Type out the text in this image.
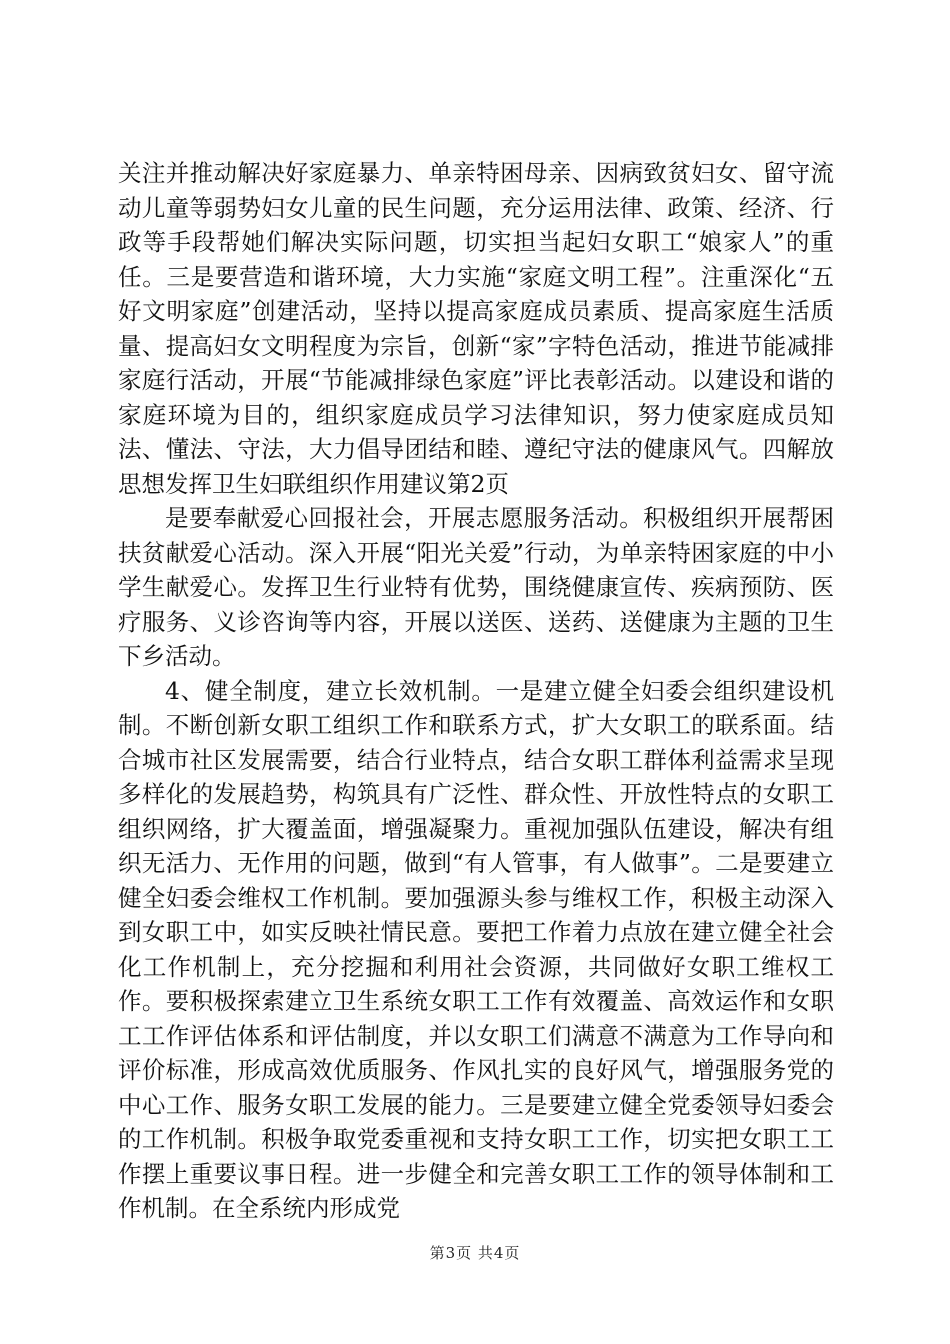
关注并推动解决好家庭暴力、单亲特困母亲、因病致贫妇女、留守流动儿童等弱势妇女儿童的民生问题，充分运用法律、政策、经济、行政等手段帮她们解决实际问题，切实担当起妇女职工“娘家人”的重任。三是要营造和谐环境，大力实施“家庭文明工程”。注重深化“五好文明家庭”创建活动，坚持以提高家庭成员素质、提高家庭生活质量、提高妇女文明程度为宗旨，创新“家”字特色活动，推进节能减排家庭行活动，开展“节能减排绿色家庭”评比表彰活动。以建设和谐的家庭环境为目的，组织家庭成员学习法律知识，努力使家庭成员知法、懂法、守法，大力倡导团结和睦、遵纪守法的健康风气。四解放思想发挥卫生妇联组织作用建议第2页

是要奉献爱心回报社会，开展志愿服务活动。积极组织开展帮困扶贫献爱心活动。深入开展“阳光关爱”行动，为单亲特困家庭的中小学生献爱心。发挥卫生行业特有优势，围绕健康宣传、疾病预防、医疗服务、义诊咨询等内容，开展以送医、送药、送健康为主题的卫生下乡活动。

4、健全制度，建立长效机制。一是建立健全妇委会组织建设机制。不断创新女职工组织工作和联系方式，扩大女职工的联系面。结合城市社区发展需要，结合行业特点，结合女职工群体利益需求呈现多样化的发展趋势，构筑具有广泛性、群众性、开放性特点的女职工组织网络，扩大覆盖面，增强凝聚力。重视加强队伍建设，解决有组织无活力、无作用的问题，做到“有人管事，有人做事”。二是要建立健全妇委会维权工作机制。要加强源头参与维权工作，积极主动深入到女职工中，如实反映社情民意。要把工作着力点放在建立健全社会化工作机制上，充分挖掘和利用社会资源，共同做好女职工维权工作。要积极探索建立卫生系统女职工工作有效覆盖、高效运作和女职工工作评估体系和评估制度，并以女职工们满意不满意为工作导向和评价标准，形成高效优质服务、作风扎实的良好风气，增强服务党的中心工作、服务女职工发展的能力。三是要建立健全党委领导妇委会的工作机制。积极争取党委重视和支持女职工工作，切实把女职工工作摆上重要议事日程。进一步健全和完善女职工工作的领导体制和工作机制。在全系统内形成党

第3页 共4页
